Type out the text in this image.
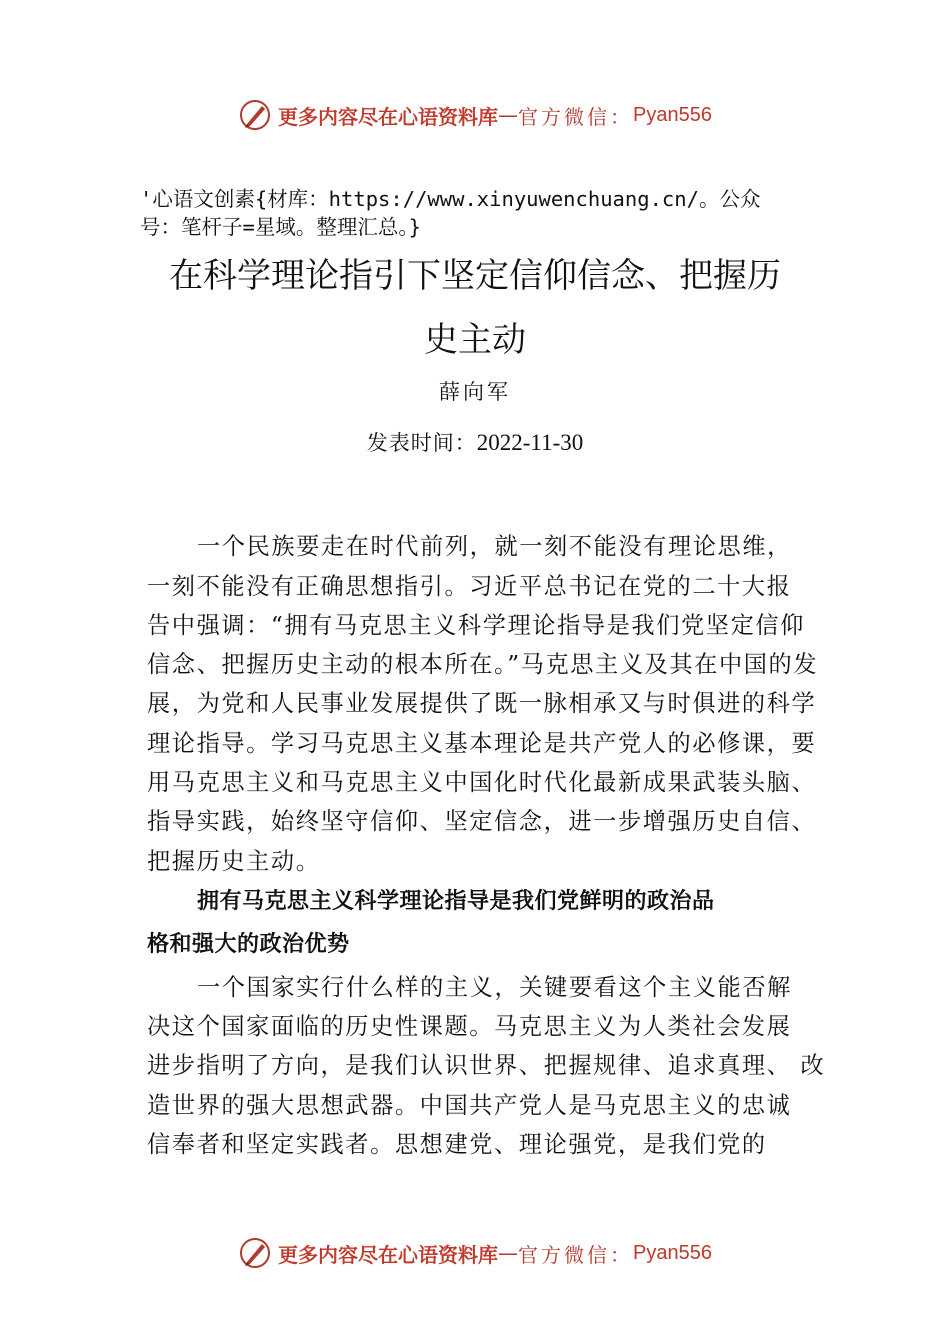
更多内容尽在心语资料库 — 官方微信： Pyan556
'心语文创素{材库：https://www.xinyuwenchuang.cn/。公众
号：笔杆子=星域。整理汇总。}
在科学理论指引下坚定信仰信念、把握历
史主动
薛向军
发表时间：2022-11-30
一个民族要走在时代前列，就一刻不能没有理论思维，
一刻不能没有正确思想指引。习近平总书记在党的二十大报
告中强调：“拥有马克思主义科学理论指导是我们党坚定信仰
信念、把握历史主动的根本所在。”马克思主义及其在中国的发
展，为党和人民事业发展提供了既一脉相承又与时俱进的科学
理论指导。学习马克思主义基本理论是共产党人的必修课，要
用马克思主义和马克思主义中国化时代化最新成果武装头脑、
指导实践，始终坚守信仰、坚定信念，进一步增强历史自信、
把握历史主动。
拥有马克思主义科学理论指导是我们党鲜明的政治品
格和强大的政治优势
一个国家实行什么样的主义，关键要看这个主义能否解
决这个国家面临的历史性课题。马克思主义为人类社会发展
进步指明了方向，是我们认识世界、把握规律、追求真理、 改
造世界的强大思想武器。中国共产党人是马克思主义的忠诚
信奉者和坚定实践者。思想建党、理论强党，是我们党的
更多内容尽在心语资料库 — 官方微信： Pyan556
